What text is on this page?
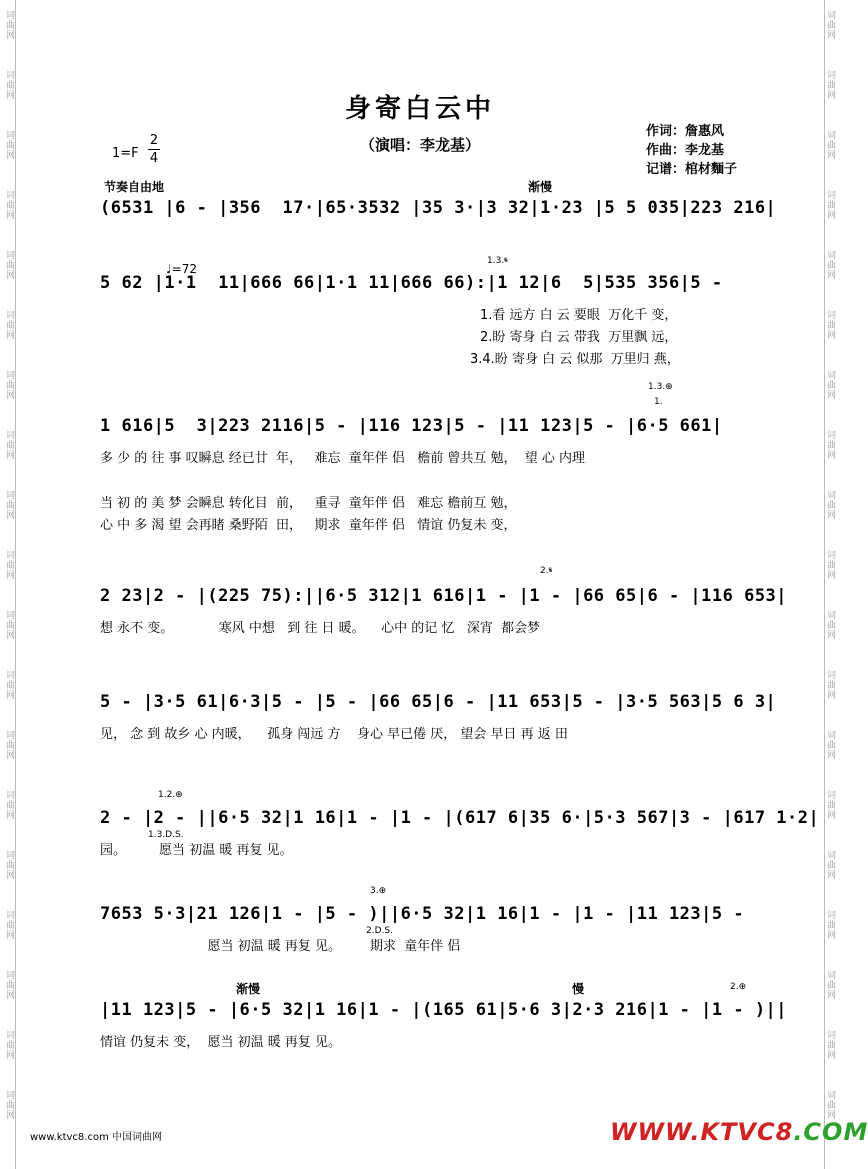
词曲网
词曲网
词曲网
词曲网
词曲网
词曲网
词曲网
词曲网
词曲网
词曲网
词曲网
词曲网
词曲网
词曲网
词曲网
词曲网
词曲网
词曲网
词曲网
词曲网
词曲网
词曲网
词曲网
词曲网
词曲网
词曲网
词曲网
词曲网
词曲网
词曲网
词曲网
词曲网
词曲网
词曲网
词曲网
词曲网
词曲网
词曲网
身寄白云中
（演唱：李龙基）
作词：詹惠风
作曲：李龙基
记谱：棺材麵子
1=F
2
4
节奏自由地	渐慢
♩=72
渐慢	慢
(6531 |6 - |356  17·|65·3532 |35 3·|3 32|1·23 |5 5 035|223 216|
5 62 |1·1  11|666 66|1·1 11|666 66):|1 12|6  5|535 356|5 -
1.看 远方 白 云 要眼  万化千 变，
2.盼 寄身 白 云 带我  万里飘 远，
3.4.盼 寄身 白 云 似那  万里归 燕，
1 616|5  3|223 2116|5 - |116 123|5 - |11 123|5 - |6·5 661|
多 少 的 往 事 叹瞬息 经已廿  年，   难忘  童年伴 侣   檐前 曾共互 勉，  望 心 内理
当 初 的 美 梦 会瞬息 转化目  前，   重寻  童年伴 侣   难忘 檐前互 勉，
心 中 多 渴 望 会再睹 桑野陌  田，   期求  童年伴 侣   情谊 仍复未 变，
2 23|2 - |(225 75):||6·5 312|1 616|1 - |1 - |66 65|6 - |116 653|
想 永不 变。           寒风 中想   到 往 日 暖。    心中 的记 忆   深宵  都会梦
5 - |3·5 61|6·3|5 - |5 - |66 65|6 - |11 653|5 - |3·5 563|5 6 3|
见， 念 到 故乡 心 内暖，    孤身 闯远 方    身心 早已倦 厌， 望会 早日 再 返 田
2 - |2 - ||6·5 32|1 16|1 - |1 - |(617 6|35 6·|5·3 567|3 - |617 1·2|
园。        愿当 初温 暖 再复 见。
7653 5·3|21 126|1 - |5 - )||6·5 32|1 16|1 - |1 - |11 123|5 -
愿当 初温 暖 再复 见。       期求  童年伴 侣
|11 123|5 - |6·5 32|1 16|1 - |(165 61|5·6 3|2·3 216|1 - |1 - )||
情谊 仍复未 变，  愿当 初温 暖 再复 见。
1.3.𝄋
1.3.⊕
1.
2.𝄋
1.2.⊕
1.3.D.S.
3.⊕
2.D.S.
2.⊕
www.ktvc8.com 中国词曲网	WWW.KTVC8.COM
